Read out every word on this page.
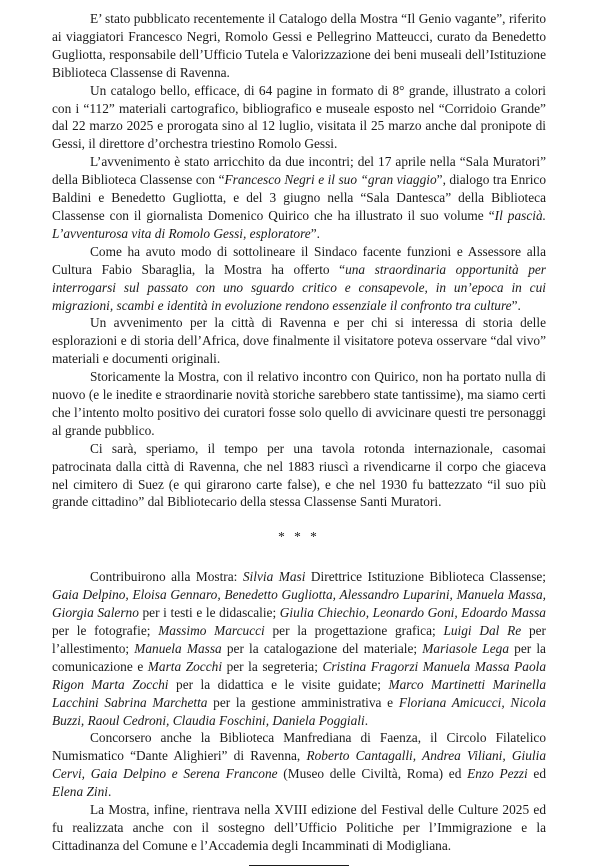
E’ stato pubblicato recentemente il Catalogo della Mostra “Il Genio vagante”, riferito ai viaggiatori Francesco Negri, Romolo Gessi e Pellegrino Matteucci, curato da Benedetto Gugliotta, responsabile dell’Ufficio Tutela e Valorizzazione dei beni museali dell’Istituzione Biblioteca Classense di Ravenna.

Un catalogo bello, efficace, di 64 pagine in formato di 8° grande, illustrato a colori con i “112” materiali cartografico, bibliografico e museale esposto nel “Corridoio Grande” dal 22 marzo 2025 e prorogata sino al 12 luglio, visitata il 25 marzo anche dal pronipote di Gessi, il direttore d’orchestra triestino Romolo Gessi.

L’avvenimento è stato arricchito da due incontri; del 17 aprile nella “Sala Muratori” della Biblioteca Classense con “Francesco Negri e il suo “gran viaggio”, dialogo tra Enrico Baldini e Benedetto Gugliotta, e del 3 giugno nella “Sala Dantesca” della Biblioteca Classense con il giornalista Domenico Quirico che ha illustrato il suo volume “Il pascià. L’avventurosa vita di Romolo Gessi, esploratore”.

Come ha avuto modo di sottolineare il Sindaco facente funzioni e Assessore alla Cultura Fabio Sbaraglia, la Mostra ha offerto “una straordinaria opportunità per interrogarsi sul passato con uno sguardo critico e consapevole, in un’epoca in cui migrazioni, scambi e identità in evoluzione rendono essenziale il confronto tra culture”.

Un avvenimento per la città di Ravenna e per chi si interessa di storia delle esplorazioni e di storia dell’Africa, dove finalmente il visitatore poteva osservare “dal vivo” materiali e documenti originali.

Storicamente la Mostra, con il relativo incontro con Quirico, non ha portato nulla di nuovo (e le inedite e straordinarie novità storiche sarebbero state tantissime), ma siamo certi che l’intento molto positivo dei curatori fosse solo quello di avvicinare questi tre personaggi al grande pubblico.

Ci sarà, speriamo, il tempo per una tavola rotonda internazionale, casomai patrocinata dalla città di Ravenna, che nel 1883 riuscì a rivendicarne il corpo che giaceva nel cimitero di Suez (e qui girarono carte false), e che nel 1930 fu battezzato “il suo più grande cittadino” dal Bibliotecario della stessa Classense Santi Muratori.

* * *

Contribuirono alla Mostra: Silvia Masi Direttrice Istituzione Biblioteca Classense; Gaia Delpino, Eloisa Gennaro, Benedetto Gugliotta, Alessandro Luparini, Manuela Massa, Giorgia Salerno per i testi e le didascalie; Giulia Chiechio, Leonardo Goni, Edoardo Massa per le fotografie; Massimo Marcucci per la progettazione grafica; Luigi Dal Re per l’allestimento; Manuela Massa per la catalogazione del materiale; Mariasole Lega per la comunicazione e Marta Zocchi per la segreteria; Cristina Fragorzi Manuela Massa Paola Rigon Marta Zocchi per la didattica e le visite guidate; Marco Martinetti Marinella Lacchini Sabrina Marchetta per la gestione amministrativa e Floriana Amicucci, Nicola Buzzi, Raoul Cedroni, Claudia Foschini, Daniela Poggiali.

Concorsero anche la Biblioteca Manfrediana di Faenza, il Circolo Filatelico Numismatico “Dante Alighieri” di Ravenna, Roberto Cantagalli, Andrea Viliani, Giulia Cervi, Gaia Delpino e Serena Francone (Museo delle Civiltà, Roma) ed Enzo Pezzi ed Elena Zini.

La Mostra, infine, rientrava nella XVIII edizione del Festival delle Culture 2025 ed fu realizzata anche con il sostegno dell’Ufficio Politiche per l’Immigrazione e la Cittadinanza del Comune e l’Accademia degli Incamminati di Modigliana.
